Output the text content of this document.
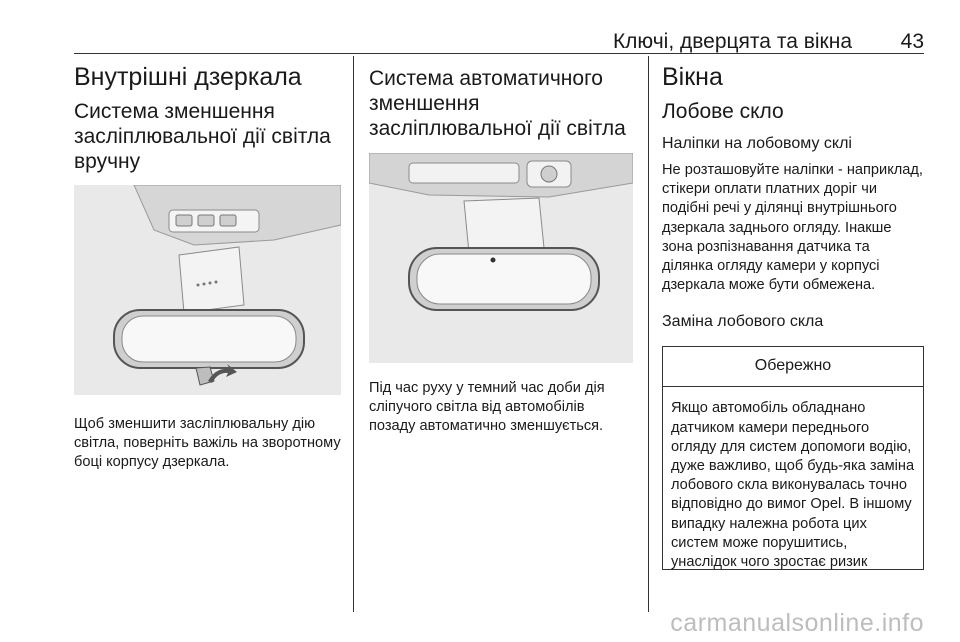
Ключі, дверцята та вікна 43
Внутрішні дзеркала
Система зменшення засліплювальної дії світла вручну
Щоб зменшити засліплювальну дію світла, поверніть важіль на зворотному боці корпусу дзеркала.
Система автоматичного зменшення засліплювальної дії світла
Під час руху у темний час доби дія сліпучого світла від автомобілів позаду автоматично зменшується.
Вікна
Лобове скло
Наліпки на лобовому склі
Не розташовуйте наліпки - наприклад, стікери оплати платних доріг чи подібні речі у ділянці внутрішнього дзеркала заднього огляду. Інакше зона розпізнавання датчика та ділянка огляду камери у корпусі дзеркала може бути обмежена.
Заміна лобового скла
Обережно
Якщо автомобіль обладнано датчиком камери переднього огляду для систем допомоги водію, дуже важливо, щоб будь-яка заміна лобового скла виконувалась точно відповідно до вимог Opel. В іншому випадку належна робота цих систем може порушитись, унаслідок чого зростає ризик
carmanualsonline.info
